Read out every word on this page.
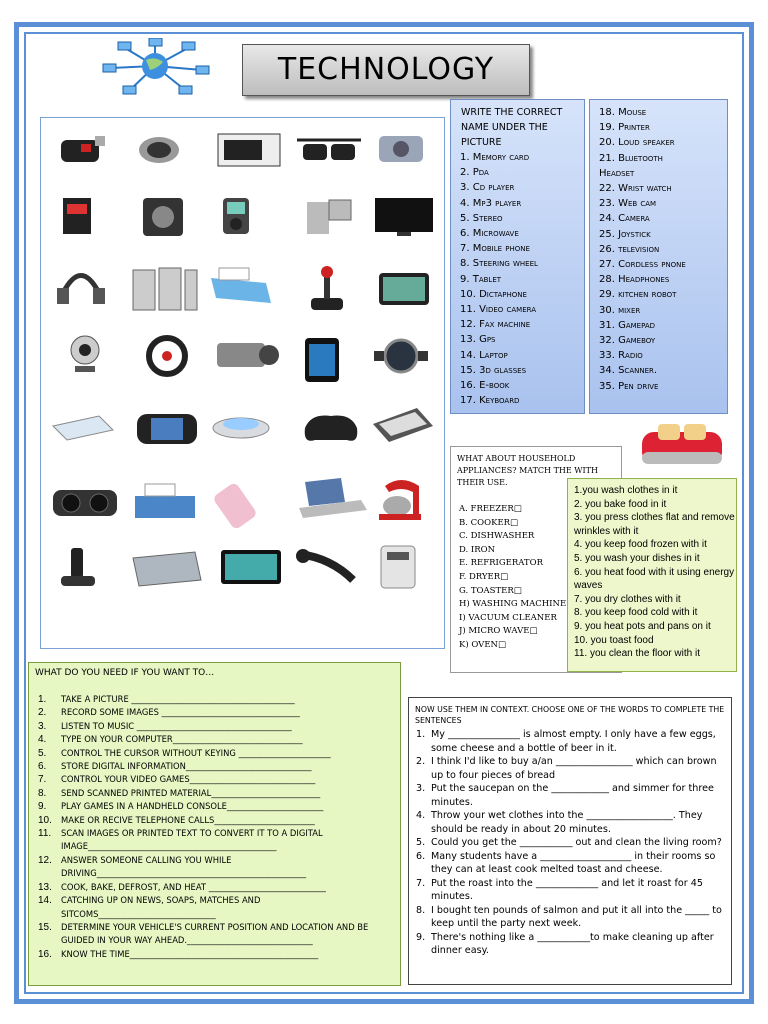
TECHNOLOGY
WRITE THE CORRECT NAME UNDER THE PICTURE
1. Memory card
2. Pda
3. Cd player
4. Mp3 player
5. Stereo
6. Microwave
7. Mobile phone
8. Steering wheel
9. Tablet
10. Dictaphone
11. Video camera
12. Fax machine
13. Gps
14. Laptop
15. 3d glasses
16. E-book
17. Keyboard
18. Mouse
19. Printer
20. Loud speaker
21. Bluetooth
Headset
22. Wrist watch
23. Web cam
24. Camera
25. Joystick
26. television
27. Cordless pnone
28. Headphones
29. kitchen robot
30. mixer
31. Gamepad
32. Gameboy
33. Radio
34. Scanner.
35. Pen drive
WHAT ABOUT HOUSEHOLD APPLIANCES? MATCH THE WITH THEIR USE.
A. FREEZER□
B. COOKER□
C. DISHWASHER
D. IRON
E. REFRIGERATOR
F. DRYER□
G. TOASTER□
H) WASHING MACHINE
I) VACUUM CLEANER
J) MICRO WAVE□
K) OVEN□
1.you wash clothes in it
2. you bake food in it
3. you press clothes flat and remove wrinkles with it
4. you keep food frozen with it
5. you wash your dishes in it
6. you heat food with it using energy waves
7. you dry clothes with it
8. you keep food cold with it
9. you heat pots and pans on it
10. you toast food
11. you clean the floor with it
WHAT DO YOU NEED IF YOU WANT TO…
1. TAKE A PICTURE _______________________________________
2. RECORD SOME IMAGES _________________________________
3. LISTEN TO MUSIC _____________________________________
4. TYPE ON YOUR COMPUTER_______________________________
5. CONTROL THE CURSOR WITHOUT KEYING ______________________
6. STORE DIGITAL INFORMATION______________________________
7. CONTROL YOUR VIDEO GAMES______________________________
8. SEND SCANNED PRINTED MATERIAL__________________________
9. PLAY GAMES IN A HANDHELD CONSOLE_______________________
10. MAKE OR RECIVE TELEPHONE CALLS________________________
11. SCAN IMAGES OR PRINTED TEXT TO CONVERT IT TO A DIGITAL IMAGE_____________________________________________
12. ANSWER SOMEONE CALLING YOU WHILE DRIVING__________________________________________________
13. COOK, BAKE, DEFROST, AND HEAT ____________________________
14. CATCHING UP ON NEWS, SOAPS, MATCHES AND SITCOMS____________________________
15. DETERMINE YOUR VEHICLE'S CURRENT POSITION AND LOCATION AND BE GUIDED IN YOUR WAY AHEAD.______________________________
16. KNOW THE TIME_____________________________________________
NOW USE THEM IN CONTEXT. CHOOSE ONE OF THE WORDS TO COMPLETE THE SENTENCES
1. My _______________ is almost empty. I only have a few eggs, some cheese and a bottle of beer in it.
2. I think I'd like to buy a/an ________________ which can brown up to four pieces of bread
3. Put the saucepan on the ____________ and simmer for three minutes.
4. Throw your wet clothes into the __________________. They should be ready in about 20 minutes.
5. Could you get the ___________ out and clean the living room?
6. Many students have a ___________________ in their rooms so they can at least cook melted toast and cheese.
7. Put the roast into the _____________ and let it roast for 45 minutes.
8. I bought ten pounds of salmon and put it all into the _____ to keep until the party next week.
9. There's nothing like a ___________to make cleaning up after dinner easy.
